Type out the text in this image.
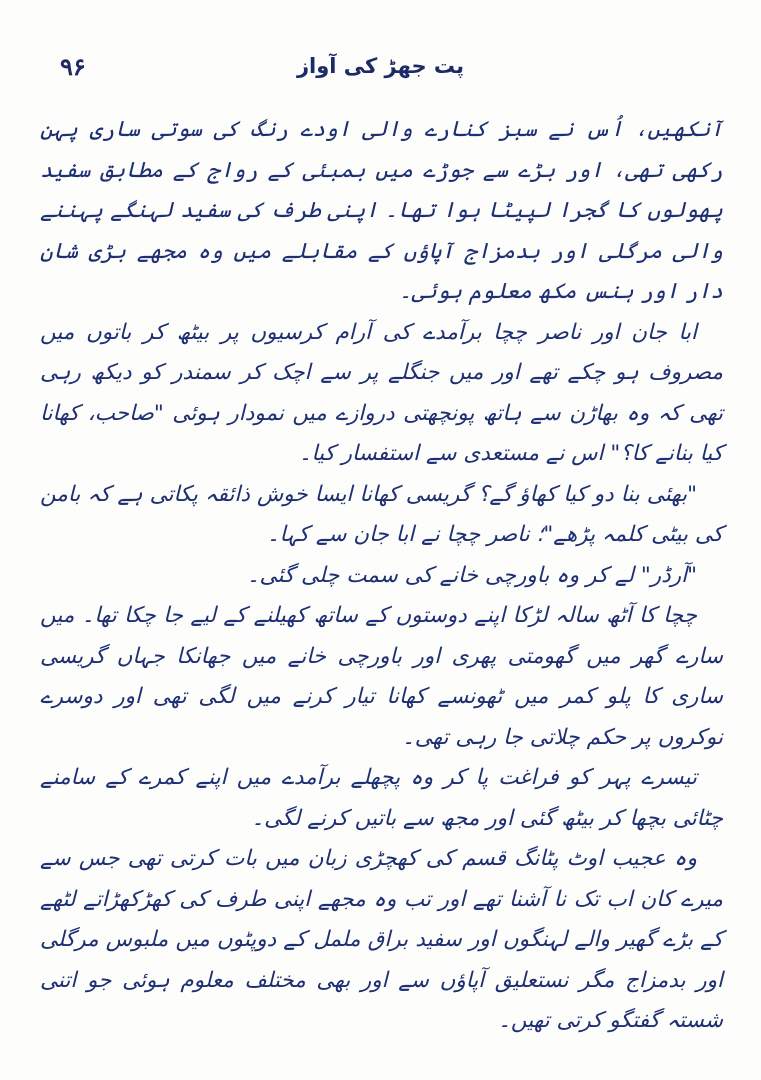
۹۶	پت جھڑ کی آواز

آنکھیں، اُس نے سبز کنارے والی اودے رنگ کی سوتی ساری پہن رکھی تھی، اور بڑے سے جوڑے میں بمبئی کے رواج کے مطابق سفید پھولوں کا گجرا لپیٹا ہوا تھا۔ اپنی طرف کی سفید لہنگے پہننے والی مرگلی اور بدمزاج آپاؤں کے مقابلے میں وہ مجھے بڑی شان دار اور ہنس مکھ معلوم ہوئی۔

ابا جان اور ناصر چچا برآمدے کی آرام کرسیوں پر بیٹھ کر باتوں میں مصروف ہو چکے تھے اور میں جنگلے پر سے اچک کر سمندر کو دیکھ رہی تھی کہ وہ بھاڑن سے ہاتھ پونچھتی دروازے میں نمودار ہوئی "صاحب، کھانا کیا بنانے کا؟" اس نے مستعدی سے استفسار کیا۔

"بھئی بنا دو کیا کھاؤ گے؟ گریسی کھانا ایسا خوش ذائقہ پکاتی ہے کہ بامن کی بیٹی کلمہ پڑھے"؛ ناصر چچا نے ابا جان سے کہا۔

"آرڈر" لے کر وہ باورچی خانے کی سمت چلی گئی۔

چچا کا آٹھ سالہ لڑکا اپنے دوستوں کے ساتھ کھیلنے کے لیے جا چکا تھا۔ میں سارے گھر میں گھومتی پھری اور باورچی خانے میں جھانکا جہاں گریسی ساری کا پلو کمر میں ٹھونسے کھانا تیار کرنے میں لگی تھی اور دوسرے نوکروں پر حکم چلاتی جا رہی تھی۔

تیسرے پہر کو فراغت پا کر وہ پچھلے برآمدے میں اپنے کمرے کے سامنے چٹائی بچھا کر بیٹھ گئی اور مجھ سے باتیں کرنے لگی۔

وہ عجیب اوٹ پٹانگ قسم کی کھچڑی زبان میں بات کرتی تھی جس سے میرے کان اب تک نا آشنا تھے اور تب وہ مجھے اپنی طرف کی کھڑکھڑاتے لٹھے کے بڑے گھیر والے لہنگوں اور سفید براق ململ کے دوپٹوں میں ملبوس مرگلی اور بدمزاج مگر نستعلیق آپاؤں سے اور بھی مختلف معلوم ہوئی جو اتنی شستہ گفتگو کرتی تھیں۔
